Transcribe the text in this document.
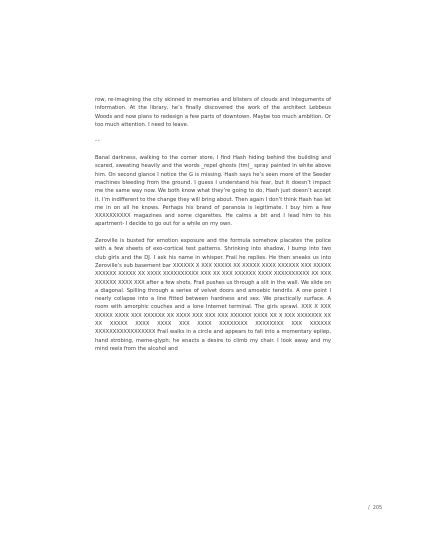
row, re-imagining the city skinned in memories and blisters of clouds and integuments of information. At the library, he’s finally discovered the work of the architect Lebbeus Woods and now plans to redesign a few parts of downtown. Maybe too much ambition. Or too much attention. I need to leave.

--

Banal darkness, walking to the corner store, I find Hash hiding behind the building and scared, sweating heavily and the words _repel ghosts (tm)_ spray painted in white above him. On second glance I notice the G is missing. Hash says he’s seen more of the Seeder machines bleeding from the ground. I guess I understand his fear, but it doesn’t impact me the same way now. We both know what they’re going to do, Hash just doesn’t accept it. I’m indifferent to the change they will bring about. Then again I don’t think Hash has let me in on all he knows. Perhaps his brand of paranoia is legitimate. I buy him a few XXXXXXXXXX magazines and some cigarettes. He calms a bit and I lead him to his apartment- I decide to go out for a while on my own.

Zeroville is busted for emotion exposure and the formula somehow placates the police with a few sheets of exo-cortical test patterns. Shrinking into shadow, I bump into two club girls and the DJ. I ask his name in whisper. Frail he replies. He then sneaks us into Zeroville’s sub basement bar XXXXXX X XXX XXXXX XX XXXXX XXXX XXXXXX XXX XXXXX XXXXXX XXXXX XX XXXX XXXXXXXXXX XXX XX XXX XXXXXX XXXX XXXXXXXXXX XX XXX XXXXXX XXXX XXX after a few shots, Frail pushes us through a slit in the wall. We slide on a diagonal. Spilling through a series of velvet doors and amoebic tendrils. A one point I nearly collapse into a line fitted between hardness and sex. We practically surface. A room with amorphic couches and a lone Internet terminal. The girls sprawl. XXX X XXX XXXXX XXXX XXX XXXXXX XX XXXX XXX XXX XXX XXXXXX XXXX XX X XXX XXXXXXX XX XX XXXXX XXXX XXXX XXX XXXX XXXXXXXX XXXXXXXX XXX XXXXXX XXXXXXXXXXXXXXXXX Frail walks in a circle and appears to fall into a momentary epilep, hand strobing, meme-glyph: he enacts a desire to climb my chair. I look away and my mind reels from the alcohol and

/ 205
